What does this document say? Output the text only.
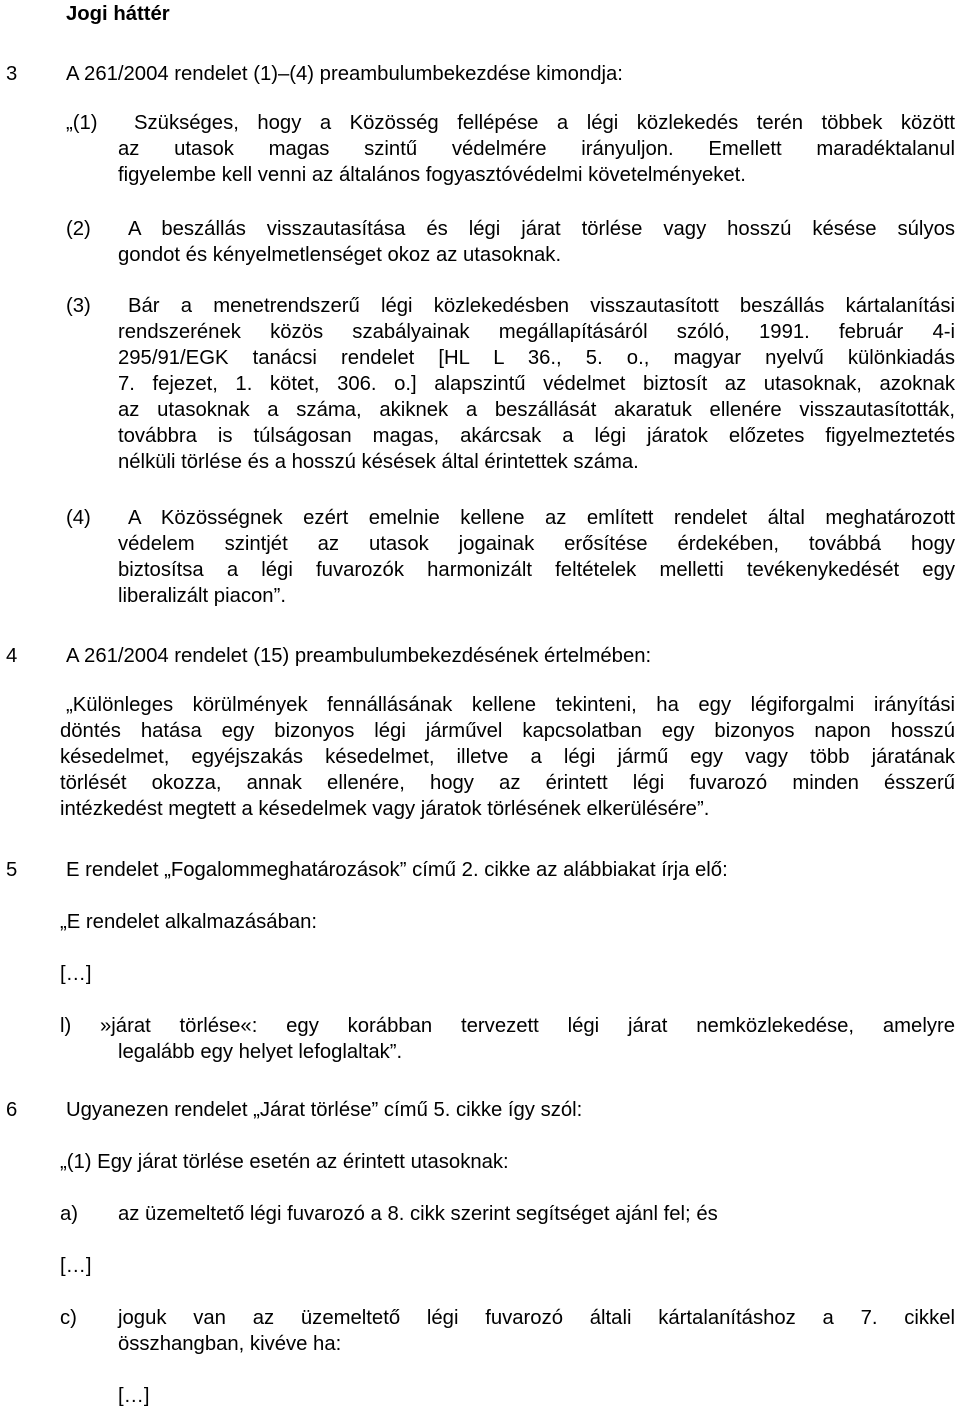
Jogi háttér
3 A 261/2004 rendelet (1)–(4) preambulumbekezdése kimondja:
„(1) Szükséges, hogy a Közösség fellépése a légi közlekedés terén többek között
az utasok magas szintű védelmére irányuljon. Emellett maradéktalanul
figyelembe kell venni az általános fogyasztóvédelmi követelményeket.
(2) A beszállás visszautasítása és légi járat törlése vagy hosszú késése súlyos
gondot és kényelmetlenséget okoz az utasoknak.
(3) Bár a menetrendszerű légi közlekedésben visszautasított beszállás kártalanítási
rendszerének közös szabályainak megállapításáról szóló, 1991. február 4-i
295/91/EGK tanácsi rendelet [HL L 36., 5. o., magyar nyelvű különkiadás
7. fejezet, 1. kötet, 306. o.] alapszintű védelmet biztosít az utasoknak, azoknak
az utasoknak a száma, akiknek a beszállását akaratuk ellenére visszautasították,
továbbra is túlságosan magas, akárcsak a légi járatok előzetes figyelmeztetés
nélküli törlése és a hosszú késések által érintettek száma.
(4) A Közösségnek ezért emelnie kellene az említett rendelet által meghatározott
védelem szintjét az utasok jogainak erősítése érdekében, továbbá hogy
biztosítsa a légi fuvarozók harmonizált feltételek melletti tevékenykedését egy
liberalizált piacon”.
4 A 261/2004 rendelet (15) preambulumbekezdésének értelmében:
„Különleges körülmények fennállásának kellene tekinteni, ha egy légiforgalmi irányítási
döntés hatása egy bizonyos légi járművel kapcsolatban egy bizonyos napon hosszú
késedelmet, egyéjszakás késedelmet, illetve a légi jármű egy vagy több járatának
törlését okozza, annak ellenére, hogy az érintett légi fuvarozó minden ésszerű
intézkedést megtett a késedelmek vagy járatok törlésének elkerülésére”.
5 E rendelet „Fogalommeghatározások” című 2. cikke az alábbiakat írja elő:
„E rendelet alkalmazásában:
[…]
l) »járat törlése«: egy korábban tervezett légi járat nemközlekedése, amelyre
legalább egy helyet lefoglaltak”.
6 Ugyanezen rendelet „Járat törlése” című 5. cikke így szól:
„(1) Egy járat törlése esetén az érintett utasoknak:
a) az üzemeltető légi fuvarozó a 8. cikk szerint segítséget ajánl fel; és
[…]
c) joguk van az üzemeltető légi fuvarozó általi kártalanításhoz a 7. cikkel
összhangban, kivéve ha:
[…]
